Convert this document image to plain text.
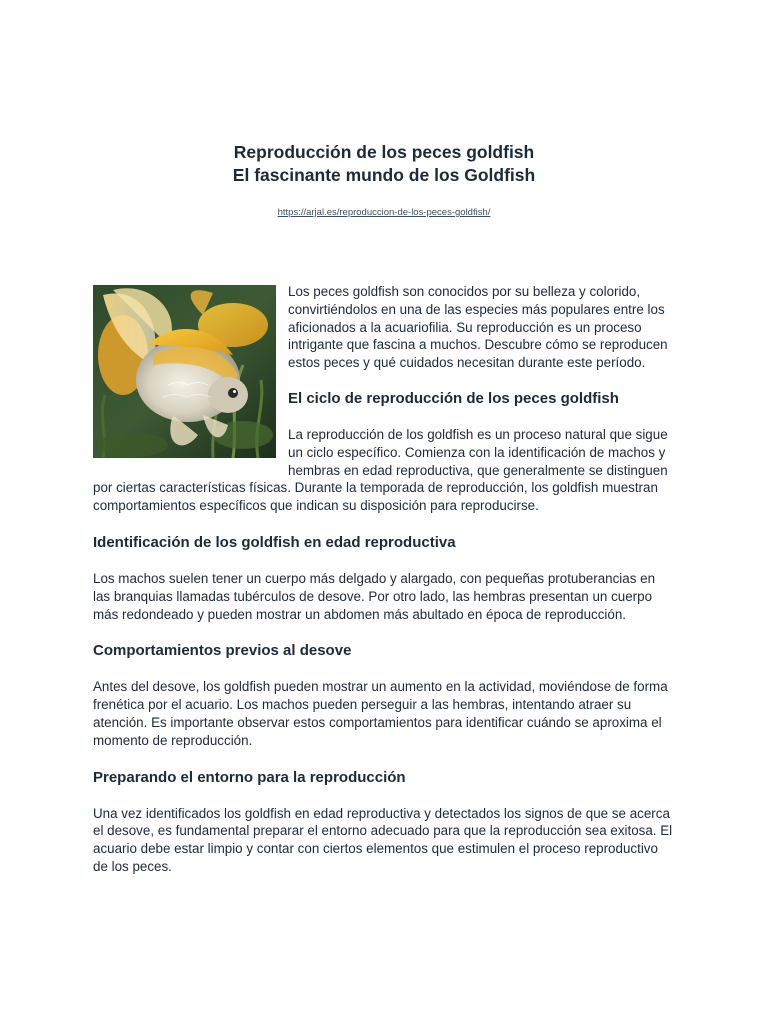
Reproducción de los peces goldfish

El fascinante mundo de los Goldfish

https://arjal.es/reproduccion-de-los-peces-goldfish/

Los peces goldfish son conocidos por su belleza y colorido, convirtiéndolos en una de las especies más populares entre los aficionados a la acuariofilia. Su reproducción es un proceso intrigante que fascina a muchos. Descubre cómo se reproducen estos peces y qué cuidados necesitan durante este período.

El ciclo de reproducción de los peces goldfish

La reproducción de los goldfish es un proceso natural que sigue un ciclo específico. Comienza con la identificación de machos y hembras en edad reproductiva, que generalmente se distinguen por ciertas características físicas. Durante la temporada de reproducción, los goldfish muestran comportamientos específicos que indican su disposición para reproducirse.

Identificación de los goldfish en edad reproductiva

Los machos suelen tener un cuerpo más delgado y alargado, con pequeñas protuberancias en las branquias llamadas tubérculos de desove. Por otro lado, las hembras presentan un cuerpo más redondeado y pueden mostrar un abdomen más abultado en época de reproducción.

Comportamientos previos al desove

Antes del desove, los goldfish pueden mostrar un aumento en la actividad, moviéndose de forma frenética por el acuario. Los machos pueden perseguir a las hembras, intentando atraer su atención. Es importante observar estos comportamientos para identificar cuándo se aproxima el momento de reproducción.

Preparando el entorno para la reproducción

Una vez identificados los goldfish en edad reproductiva y detectados los signos de que se acerca el desove, es fundamental preparar el entorno adecuado para que la reproducción sea exitosa. El acuario debe estar limpio y contar con ciertos elementos que estimulen el proceso reproductivo de los peces.
